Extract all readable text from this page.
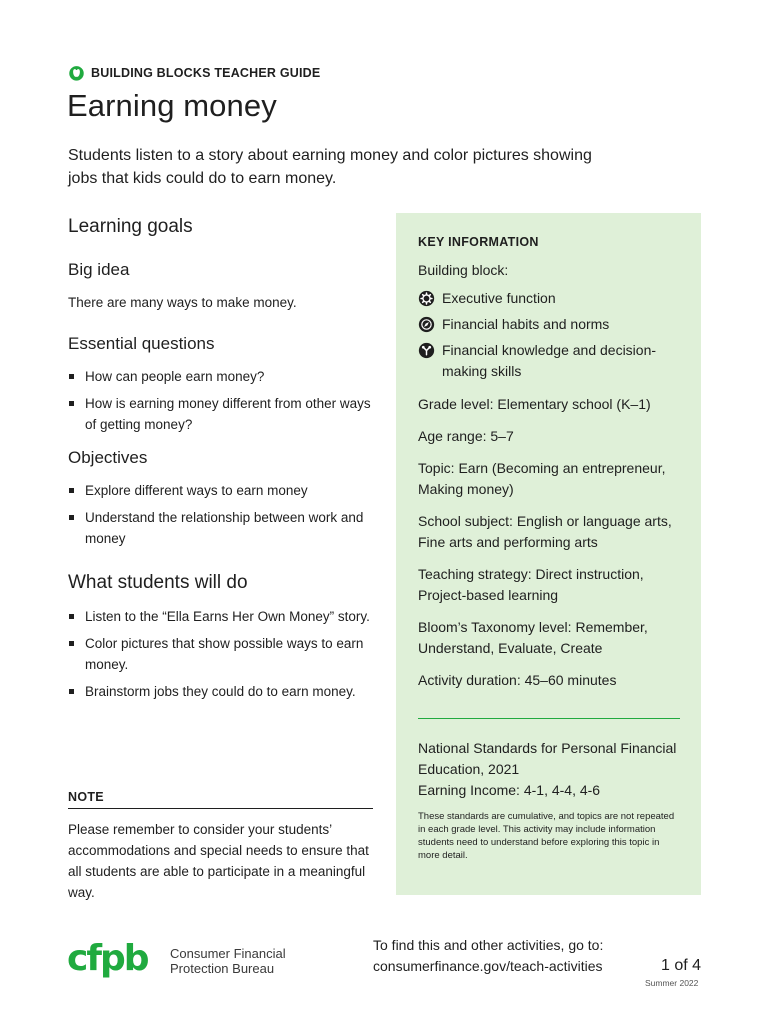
BUILDING BLOCKS TEACHER GUIDE
Earning money

Students listen to a story about earning money and color pictures showing jobs that kids could do to earn money.

Learning goals
Big idea

There are many ways to make money.

Essential questions
How can people earn money?
How is earning money different from other ways of getting money?
Objectives
Explore different ways to earn money
Understand the relationship between work and money
What students will do
Listen to the “Ella Earns Her Own Money” story.
Color pictures that show possible ways to earn money.
Brainstorm jobs they could do to earn money.
NOTE
Please remember to consider your students’ accommodations and special needs to ensure that all students are able to participate in a meaningful way.
KEY INFORMATION
Building block:
Executive function
Financial habits and norms
Financial knowledge and decision-making skills
Grade level: Elementary school (K–1)
Age range: 5–7
Topic: Earn (Becoming an entrepreneur, Making money)
School subject: English or language arts, Fine arts and performing arts
Teaching strategy: Direct instruction, Project-based learning
Bloom’s Taxonomy level: Remember, Understand, Evaluate, Create
Activity duration: 45–60 minutes
National Standards for Personal Financial Education, 2021
Earning Income: 4-1, 4-4, 4-6
These standards are cumulative, and topics are not repeated in each grade level. This activity may include information students need to understand before exploring this topic in more detail.
cfpb Consumer Financial
Protection Bureau
To find this and other activities, go to:
consumerfinance.gov/teach-activities	1 of 4
Summer 2022
